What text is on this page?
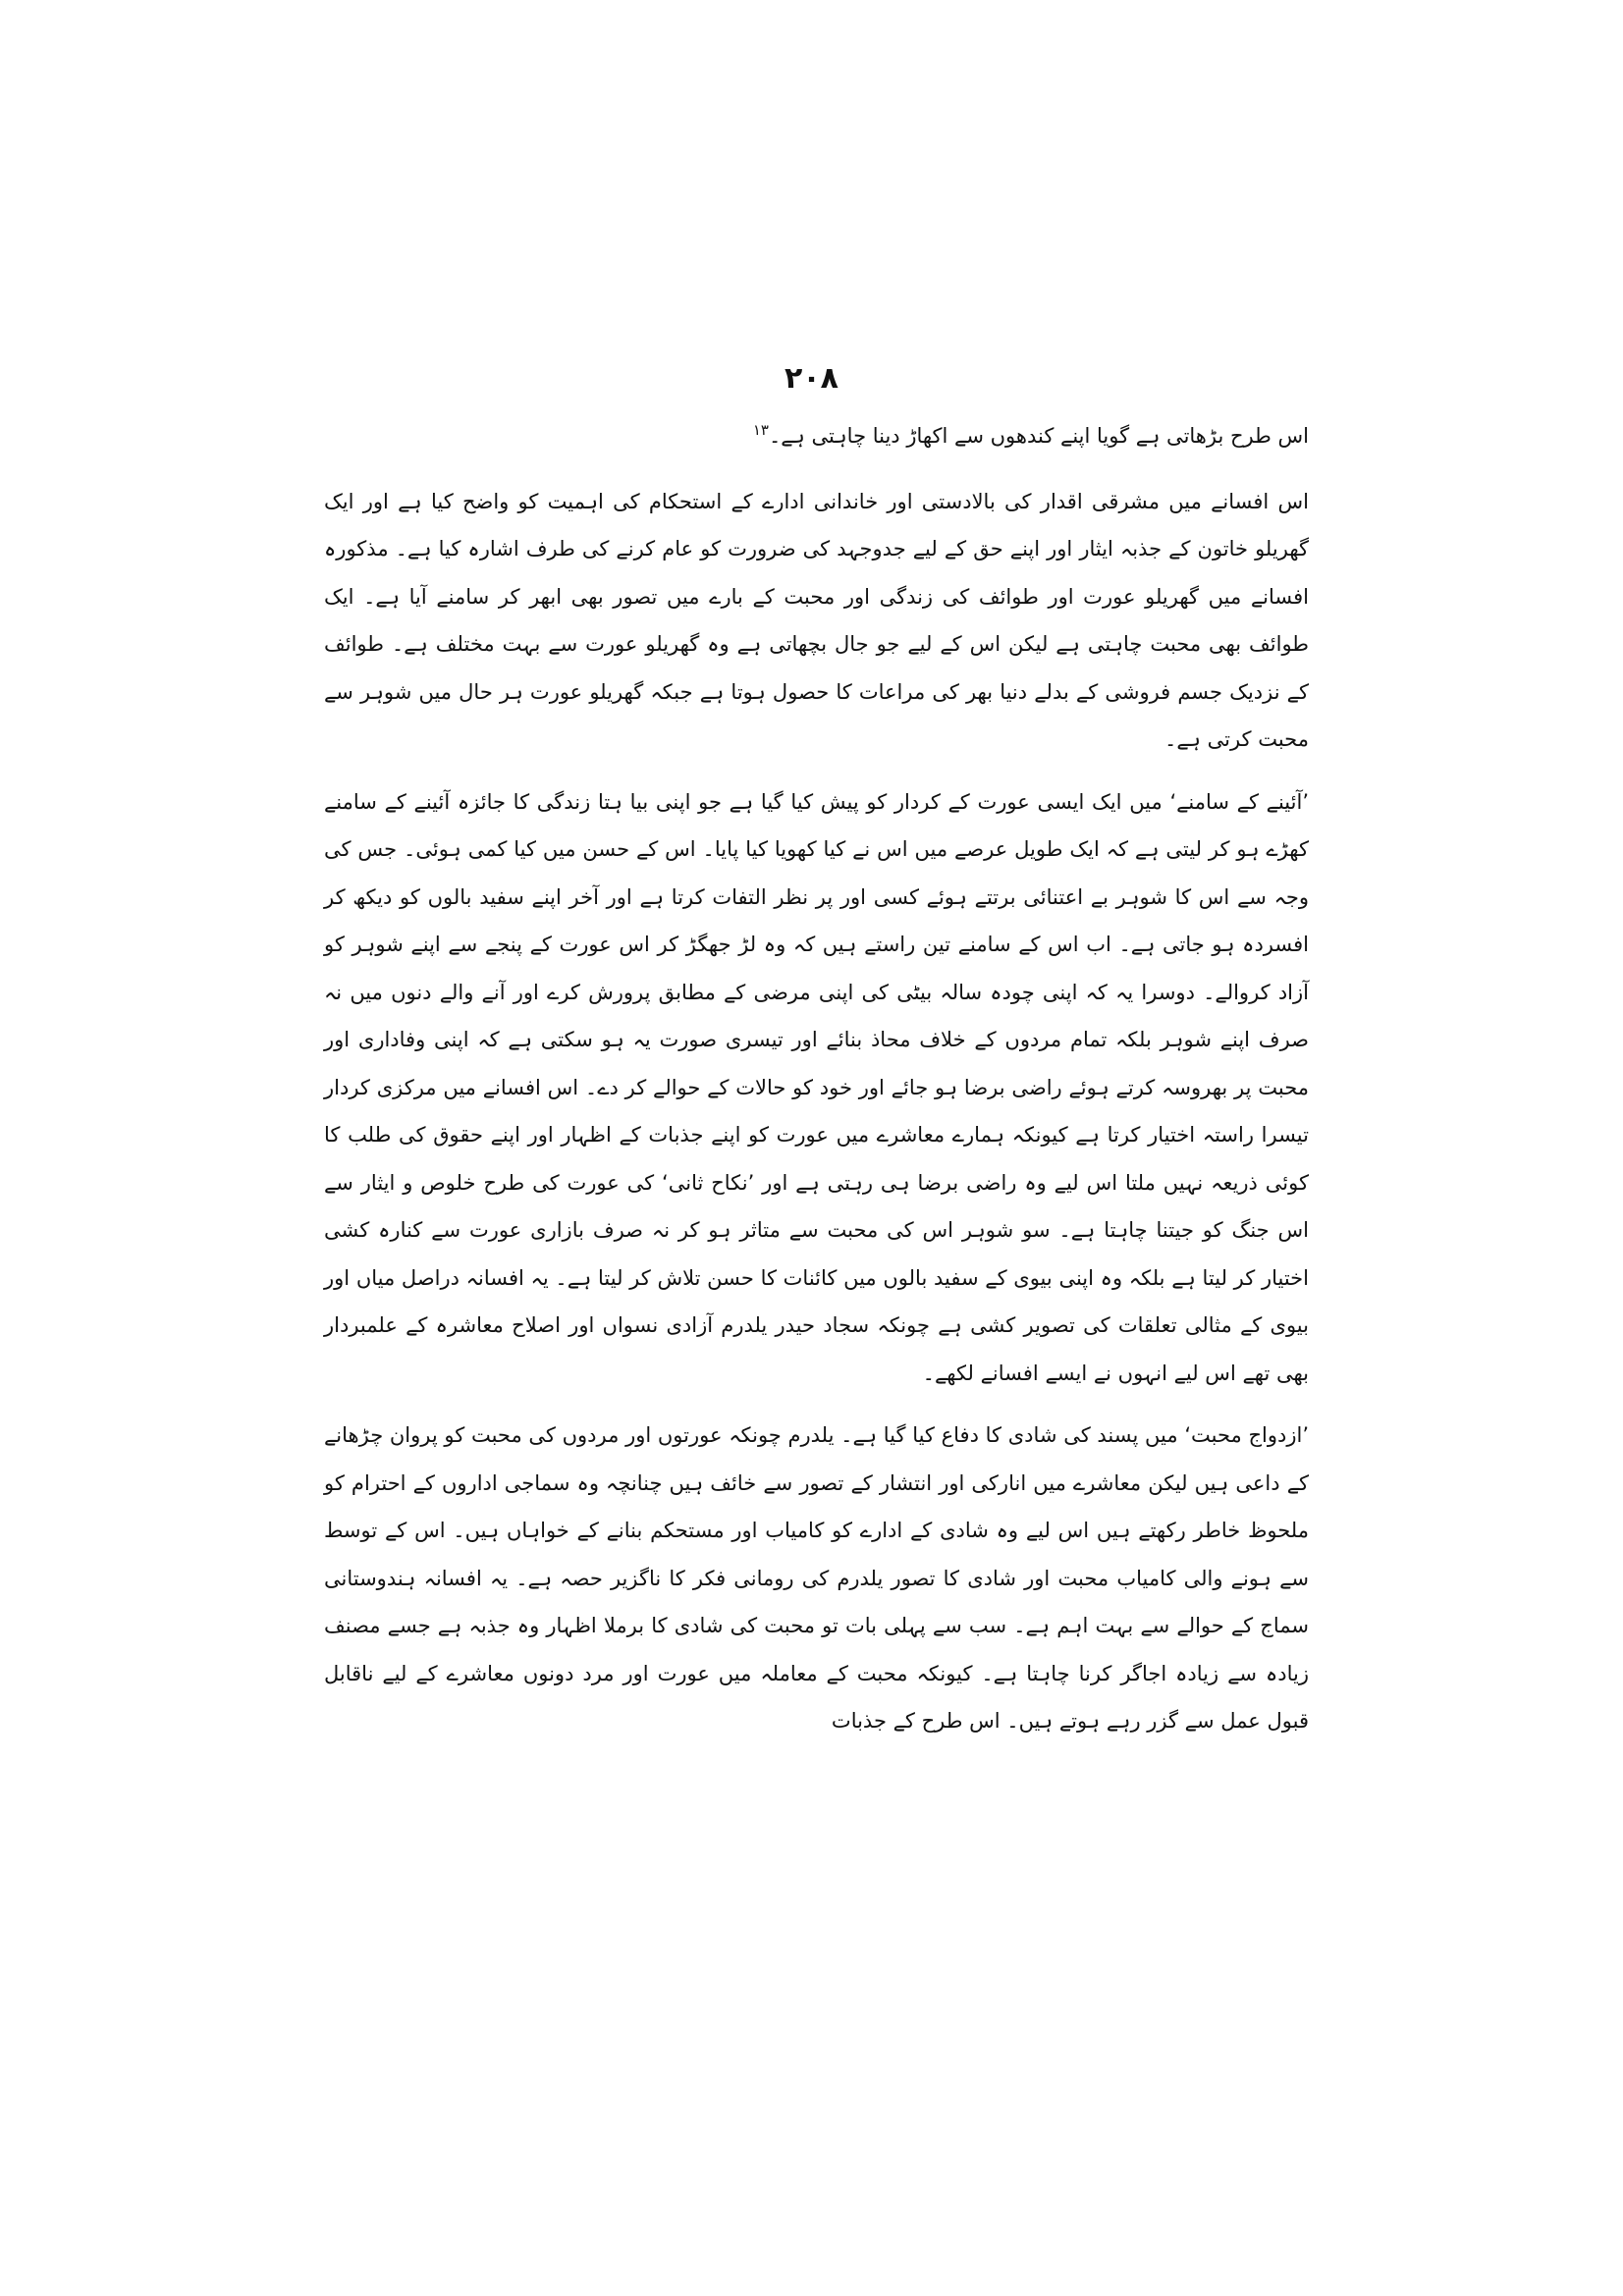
۲۰۸

اس طرح بڑھاتی ہے گویا اپنے کندھوں سے اکھاڑ دینا چاہتی ہے۔$^{۱۳}$

اس افسانے میں مشرقی اقدار کی بالادستی اور خاندانی ادارے کے استحکام کی اہمیت کو واضح کیا ہے اور ایک گھریلو خاتون کے جذبہ ایثار اور اپنے حق کے لیے جدوجہد کی ضرورت کو عام کرنے کی طرف اشارہ کیا ہے۔ مذکورہ افسانے میں گھریلو عورت اور طوائف کی زندگی اور محبت کے بارے میں تصور بھی ابھر کر سامنے آیا ہے۔ ایک طوائف بھی محبت چاہتی ہے لیکن اس کے لیے جو جال بچھاتی ہے وہ گھریلو عورت سے بہت مختلف ہے۔ طوائف کے نزدیک جسم فروشی کے بدلے دنیا بھر کی مراعات کا حصول ہوتا ہے جبکہ گھریلو عورت ہر حال میں شوہر سے محبت کرتی ہے۔

’آئینے کے سامنے‘ میں ایک ایسی عورت کے کردار کو پیش کیا گیا ہے جو اپنی بیا ہتا زندگی کا جائزہ آئینے کے سامنے کھڑے ہو کر لیتی ہے کہ ایک طویل عرصے میں اس نے کیا کھویا کیا پایا۔ اس کے حسن میں کیا کمی ہوئی۔ جس کی وجہ سے اس کا شوہر بے اعتنائی برتتے ہوئے کسی اور پر نظر التفات کرتا ہے اور آخر اپنے سفید بالوں کو دیکھ کر افسردہ ہو جاتی ہے۔ اب اس کے سامنے تین راستے ہیں کہ وہ لڑ جھگڑ کر اس عورت کے پنجے سے اپنے شوہر کو آزاد کروالے۔ دوسرا یہ کہ اپنی چودہ سالہ بیٹی کی اپنی مرضی کے مطابق پرورش کرے اور آنے والے دنوں میں نہ صرف اپنے شوہر بلکہ تمام مردوں کے خلاف محاذ بنائے اور تیسری صورت یہ ہو سکتی ہے کہ اپنی وفاداری اور محبت پر بھروسہ کرتے ہوئے راضی برضا ہو جائے اور خود کو حالات کے حوالے کر دے۔ اس افسانے میں مرکزی کردار تیسرا راستہ اختیار کرتا ہے کیونکہ ہمارے معاشرے میں عورت کو اپنے جذبات کے اظہار اور اپنے حقوق کی طلب کا کوئی ذریعہ نہیں ملتا اس لیے وہ راضی برضا ہی رہتی ہے اور ’نکاح ثانی‘ کی عورت کی طرح خلوص و ایثار سے اس جنگ کو جیتنا چاہتا ہے۔ سو شوہر اس کی محبت سے متاثر ہو کر نہ صرف بازاری عورت سے کنارہ کشی اختیار کر لیتا ہے بلکہ وہ اپنی بیوی کے سفید بالوں میں کائنات کا حسن تلاش کر لیتا ہے۔ یہ افسانہ دراصل میاں اور بیوی کے مثالی تعلقات کی تصویر کشی ہے چونکہ سجاد حیدر یلدرم آزادی نسواں اور اصلاح معاشرہ کے علمبردار بھی تھے اس لیے انہوں نے ایسے افسانے لکھے۔

’ازدواج محبت‘ میں پسند کی شادی کا دفاع کیا گیا ہے۔ یلدرم چونکہ عورتوں اور مردوں کی محبت کو پروان چڑھانے کے داعی ہیں لیکن معاشرے میں انارکی اور انتشار کے تصور سے خائف ہیں چنانچہ وہ سماجی اداروں کے احترام کو ملحوظ خاطر رکھتے ہیں اس لیے وہ شادی کے ادارے کو کامیاب اور مستحکم بنانے کے خواہاں ہیں۔ اس کے توسط سے ہونے والی کامیاب محبت اور شادی کا تصور یلدرم کی رومانی فکر کا ناگزیر حصہ ہے۔ یہ افسانہ ہندوستانی سماج کے حوالے سے بہت اہم ہے۔ سب سے پہلی بات تو محبت کی شادی کا برملا اظہار وہ جذبہ ہے جسے مصنف زیادہ سے زیادہ اجاگر کرنا چاہتا ہے۔ کیونکہ محبت کے معاملہ میں عورت اور مرد دونوں معاشرے کے لیے ناقابل قبول عمل سے گزر رہے ہوتے ہیں۔ اس طرح کے جذبات
